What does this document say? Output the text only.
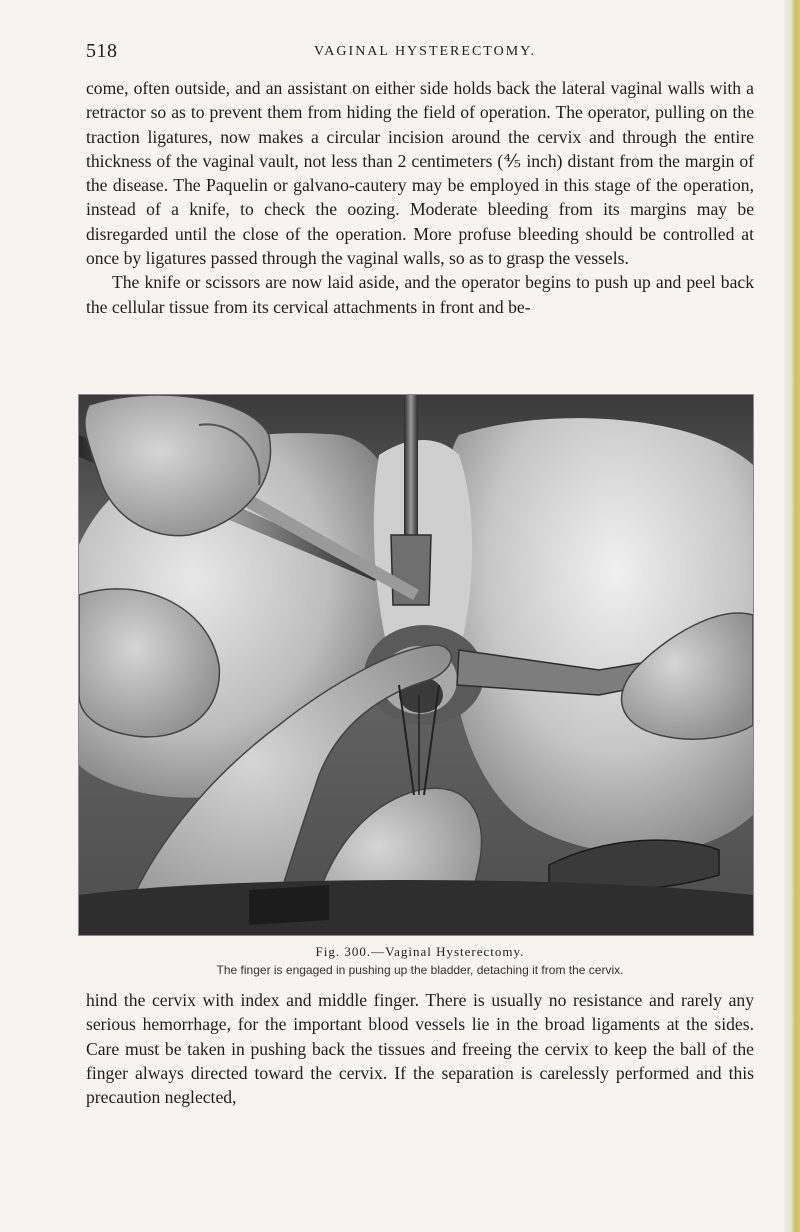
518	VAGINAL HYSTERECTOMY.

come, often outside, and an assistant on either side holds back the lateral vaginal walls with a retractor so as to prevent them from hiding the field of operation. The operator, pulling on the traction ligatures, now makes a circular incision around the cervix and through the entire thickness of the vaginal vault, not less than 2 centimeters (⅘ inch) distant from the margin of the disease. The Paquelin or galvano-cautery may be employed in this stage of the operation, instead of a knife, to check the oozing. Moderate bleeding from its margins may be disregarded until the close of the operation. More profuse bleeding should be controlled at once by ligatures passed through the vaginal walls, so as to grasp the vessels.

The knife or scissors are now laid aside, and the operator begins to push up and peel back the cellular tissue from its cervical attachments in front and be-

Fig. 300.—Vaginal Hysterectomy.

The finger is engaged in pushing up the bladder, detaching it from the cervix.

hind the cervix with index and middle finger. There is usually no resistance and rarely any serious hemorrhage, for the important blood vessels lie in the broad ligaments at the sides. Care must be taken in pushing back the tissues and freeing the cervix to keep the ball of the finger always directed toward the cervix. If the separation is carelessly performed and this precaution neglected,
